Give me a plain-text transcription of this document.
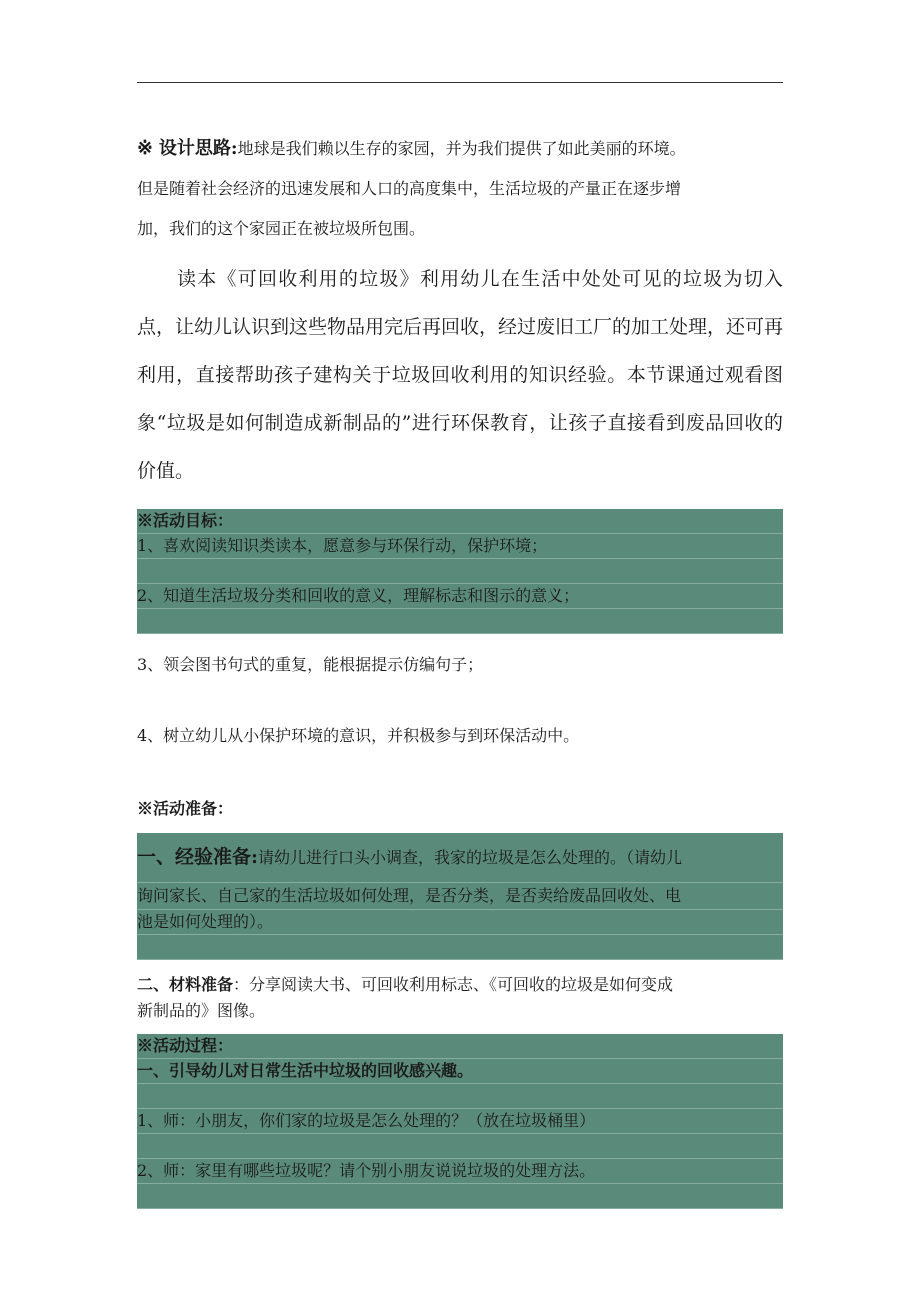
※ 设计思路:地球是我们赖以生存的家园，并为我们提供了如此美丽的环境。
但是随着社会经济的迅速发展和人口的高度集中，生活垃圾的产量正在逐步增
加，我们的这个家园正在被垃圾所包围。

读本《可回收利用的垃圾》利用幼儿在生活中处处可见的垃圾为切入点，让幼儿认识到这些物品用完后再回收，经过废旧工厂的加工处理，还可再利用，直接帮助孩子建构关于垃圾回收利用的知识经验。本节课通过观看图象“垃圾是如何制造成新制品的”进行环保教育，让孩子直接看到废品回收的价值。

※活动目标：
1、喜欢阅读知识类读本，愿意参与环保行动，保护环境；
2、知道生活垃圾分类和回收的意义，理解标志和图示的意义；

3、领会图书句式的重复，能根据提示仿编句子；

4、树立幼儿从小保护环境的意识，并积极参与到环保活动中。

※活动准备：

一、经验准备:请幼儿进行口头小调查，我家的垃圾是怎么处理的。（请幼儿
询问家长、自己家的生活垃圾如何处理，是否分类，是否卖给废品回收处、电
池是如何处理的）。

二、材料准备：分享阅读大书、可回收利用标志、《可回收的垃圾是如何变成
新制品的》图像。

※活动过程：
一、引导幼儿对日常生活中垃圾的回收感兴趣。
1、师：小朋友，你们家的垃圾是怎么处理的？（放在垃圾桶里）
2、师：家里有哪些垃圾呢？请个别小朋友说说垃圾的处理方法。
